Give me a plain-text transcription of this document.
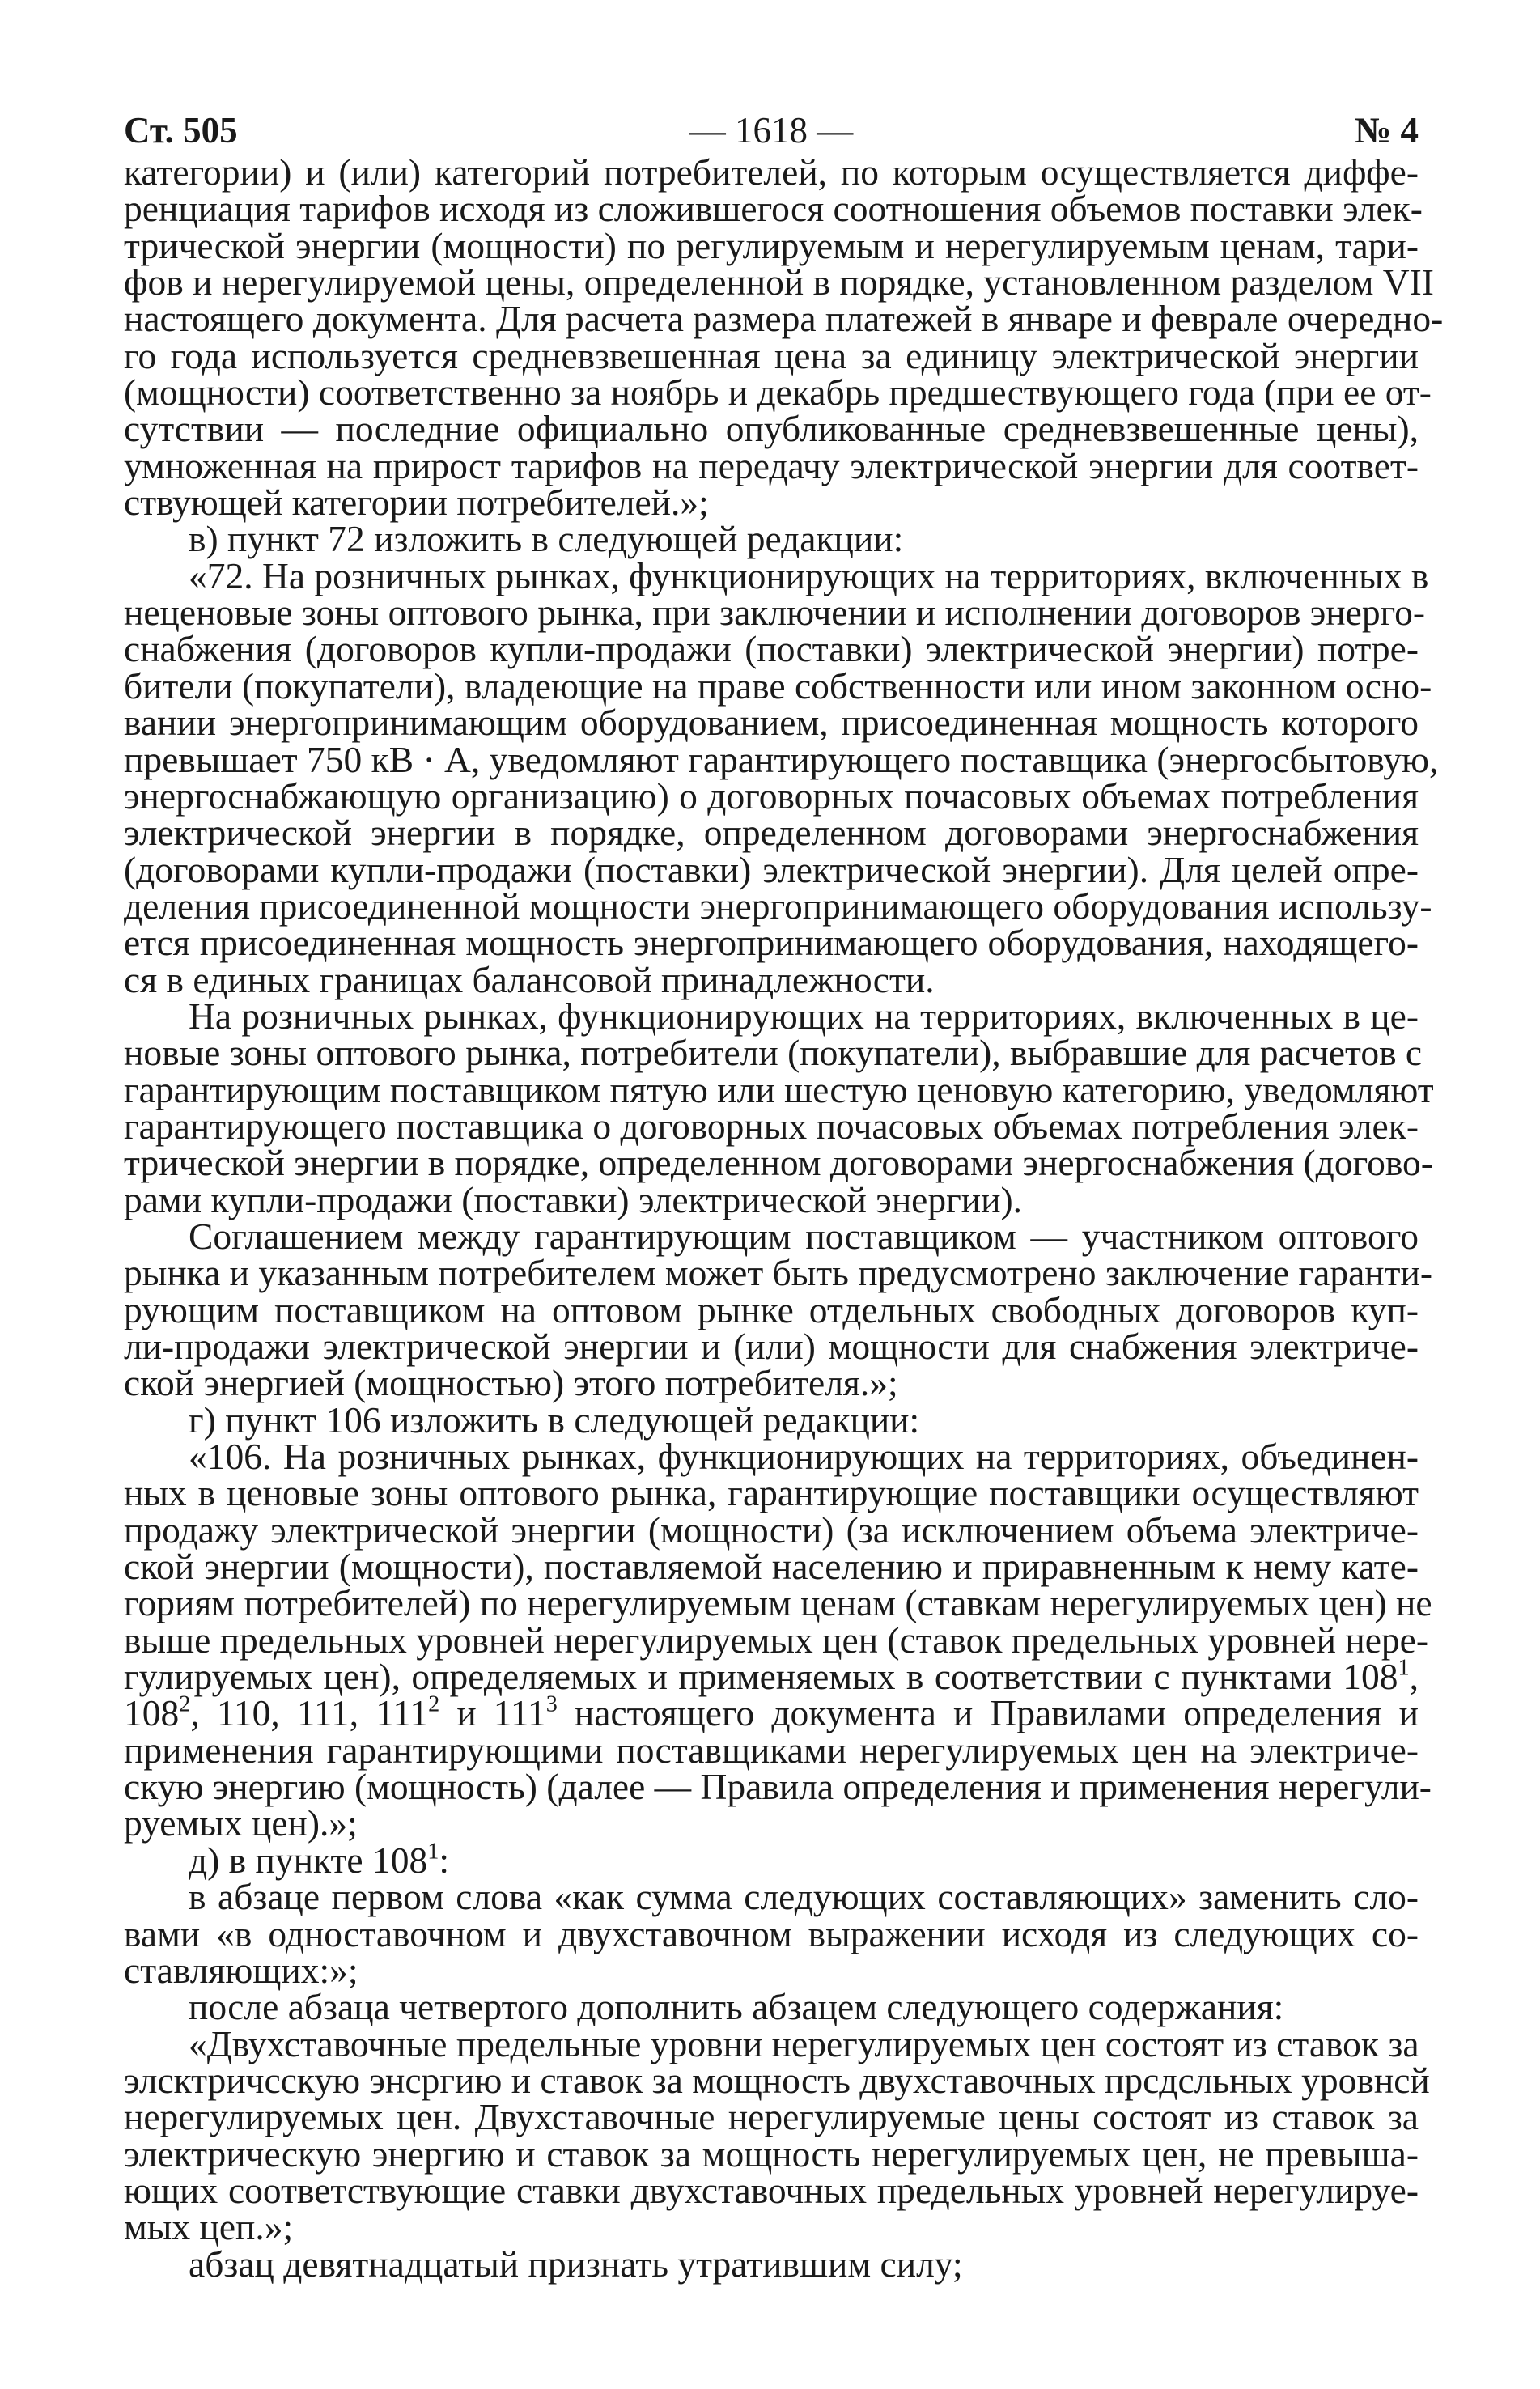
Ст. 505	— 1618 —	№ 4
категории) и (или) категорий потребителей, по которым осуществляется диффе-
ренциация тарифов исходя из сложившегося соотношения объемов поставки элек-
трической энергии (мощности) по регулируемым и нерегулируемым ценам, тари-
фов и нерегулируемой цены, определенной в порядке, установленном разделом VII
настоящего документа. Для расчета размера платежей в январе и феврале очередно-
го года используется средневзвешенная цена за единицу электрической энергии
(мощности) соответственно за ноябрь и декабрь предшествующего года (при ее от-
сутствии — последние официально опубликованные средневзвешенные цены),
умноженная на прирост тарифов на передачу электрической энергии для соответ-
ствующей категории потребителей.»;
в) пункт 72 изложить в следующей редакции:
«72. На розничных рынках, функционирующих на территориях, включенных в
неценовые зоны оптового рынка, при заключении и исполнении договоров энерго-
снабжения (договоров купли-продажи (поставки) электрической энергии) потре-
бители (покупатели), владеющие на праве собственности или ином законном осно-
вании энергопринимающим оборудованием, присоединенная мощность которого
превышает 750 кВ · А, уведомляют гарантирующего поставщика (энергосбытовую,
энергоснабжающую организацию) о договорных почасовых объемах потребления
электрической энергии в порядке, определенном договорами энергоснабжения
(договорами купли-продажи (поставки) электрической энергии). Для целей опре-
деления присоединенной мощности энергопринимающего оборудования использу-
ется присоединенная мощность энергопринимающего оборудования, находящего-
ся в единых границах балансовой принадлежности.
На розничных рынках, функционирующих на территориях, включенных в це-
новые зоны оптового рынка, потребители (покупатели), выбравшие для расчетов с
гарантирующим поставщиком пятую или шестую ценовую категорию, уведомляют
гарантирующего поставщика о договорных почасовых объемах потребления элек-
трической энергии в порядке, определенном договорами энергоснабжения (догово-
рами купли-продажи (поставки) электрической энергии).
Соглашением между гарантирующим поставщиком — участником оптового
рынка и указанным потребителем может быть предусмотрено заключение гаранти-
рующим поставщиком на оптовом рынке отдельных свободных договоров куп-
ли-продажи электрической энергии и (или) мощности для снабжения электриче-
ской энергией (мощностью) этого потребителя.»;
г) пункт 106 изложить в следующей редакции:
«106. На розничных рынках, функционирующих на территориях, объединен-
ных в ценовые зоны оптового рынка, гарантирующие поставщики осуществляют
продажу электрической энергии (мощности) (за исключением объема электриче-
ской энергии (мощности), поставляемой населению и приравненным к нему кате-
гориям потребителей) по нерегулируемым ценам (ставкам нерегулируемых цен) не
выше предельных уровней нерегулируемых цен (ставок предельных уровней нере-
гулируемых цен), определяемых и применяемых в соответствии с пунктами $108^1$,
$108^2$, 110, 111, $111^2$ и $111^3$ настоящего документа и Правилами определения и
применения гарантирующими поставщиками нерегулируемых цен на электриче-
скую энергию (мощность) (далее — Правила определения и применения нерегули-
руемых цен).»;
д) в пункте $108^1$:
в абзаце первом слова «как сумма следующих составляющих» заменить сло-
вами «в одноставочном и двухставочном выражении исходя из следующих со-
ставляющих:»;
после абзаца четвертого дополнить абзацем следующего содержания:
«Двухставочные предельные уровни нерегулируемых цен состоят из ставок за
элсктричсскую энсргию и ставок за мощность двухставочных прсдсльных уровнсй
нерегулируемых цен. Двухставочные нерегулируемые цены состоят из ставок за
электрическую энергию и ставок за мощность нерегулируемых цен, не превыша-
ющих соответствующие ставки двухставочных предельных уровней нерегулируе-
мых цеп.»;
абзац девятнадцатый признать утратившим силу;
